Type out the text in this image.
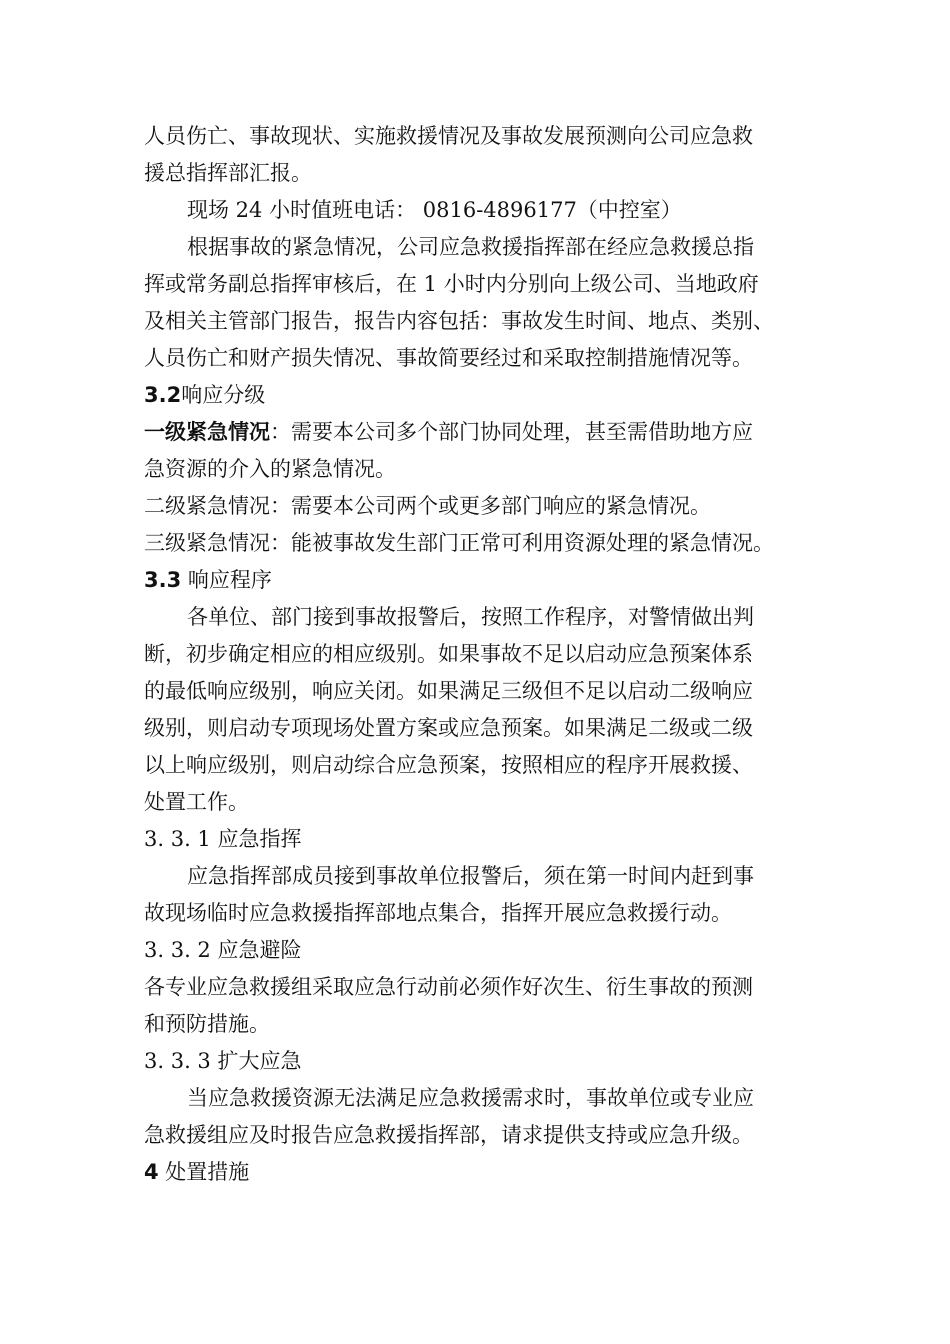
人员伤亡、事故现状、实施救援情况及事故发展预测向公司应急救
援总指挥部汇报。
现场 24 小时值班电话： 0816-4896177（中控室）
根据事故的紧急情况，公司应急救援指挥部在经应急救援总指
挥或常务副总指挥审核后，在 1 小时内分别向上级公司、当地政府
及相关主管部门报告，报告内容包括：事故发生时间、地点、类别、
人员伤亡和财产损失情况、事故简要经过和采取控制措施情况等。
3.2响应分级
一级紧急情况：需要本公司多个部门协同处理，甚至需借助地方应
急资源的介入的紧急情况。
二级紧急情况：需要本公司两个或更多部门响应的紧急情况。
三级紧急情况：能被事故发生部门正常可利用资源处理的紧急情况。
3.3 响应程序
各单位、部门接到事故报警后，按照工作程序，对警情做出判
断，初步确定相应的相应级别。如果事故不足以启动应急预案体系
的最低响应级别，响应关闭。如果满足三级但不足以启动二级响应
级别，则启动专项现场处置方案或应急预案。如果满足二级或二级
以上响应级别，则启动综合应急预案，按照相应的程序开展救援、
处置工作。
3. 3. 1 应急指挥
应急指挥部成员接到事故单位报警后，须在第一时间内赶到事
故现场临时应急救援指挥部地点集合，指挥开展应急救援行动。
3. 3. 2 应急避险
各专业应急救援组采取应急行动前必须作好次生、衍生事故的预测
和预防措施。
3. 3. 3 扩大应急
当应急救援资源无法满足应急救援需求时，事故单位或专业应
急救援组应及时报告应急救援指挥部，请求提供支持或应急升级。
4 处置措施
